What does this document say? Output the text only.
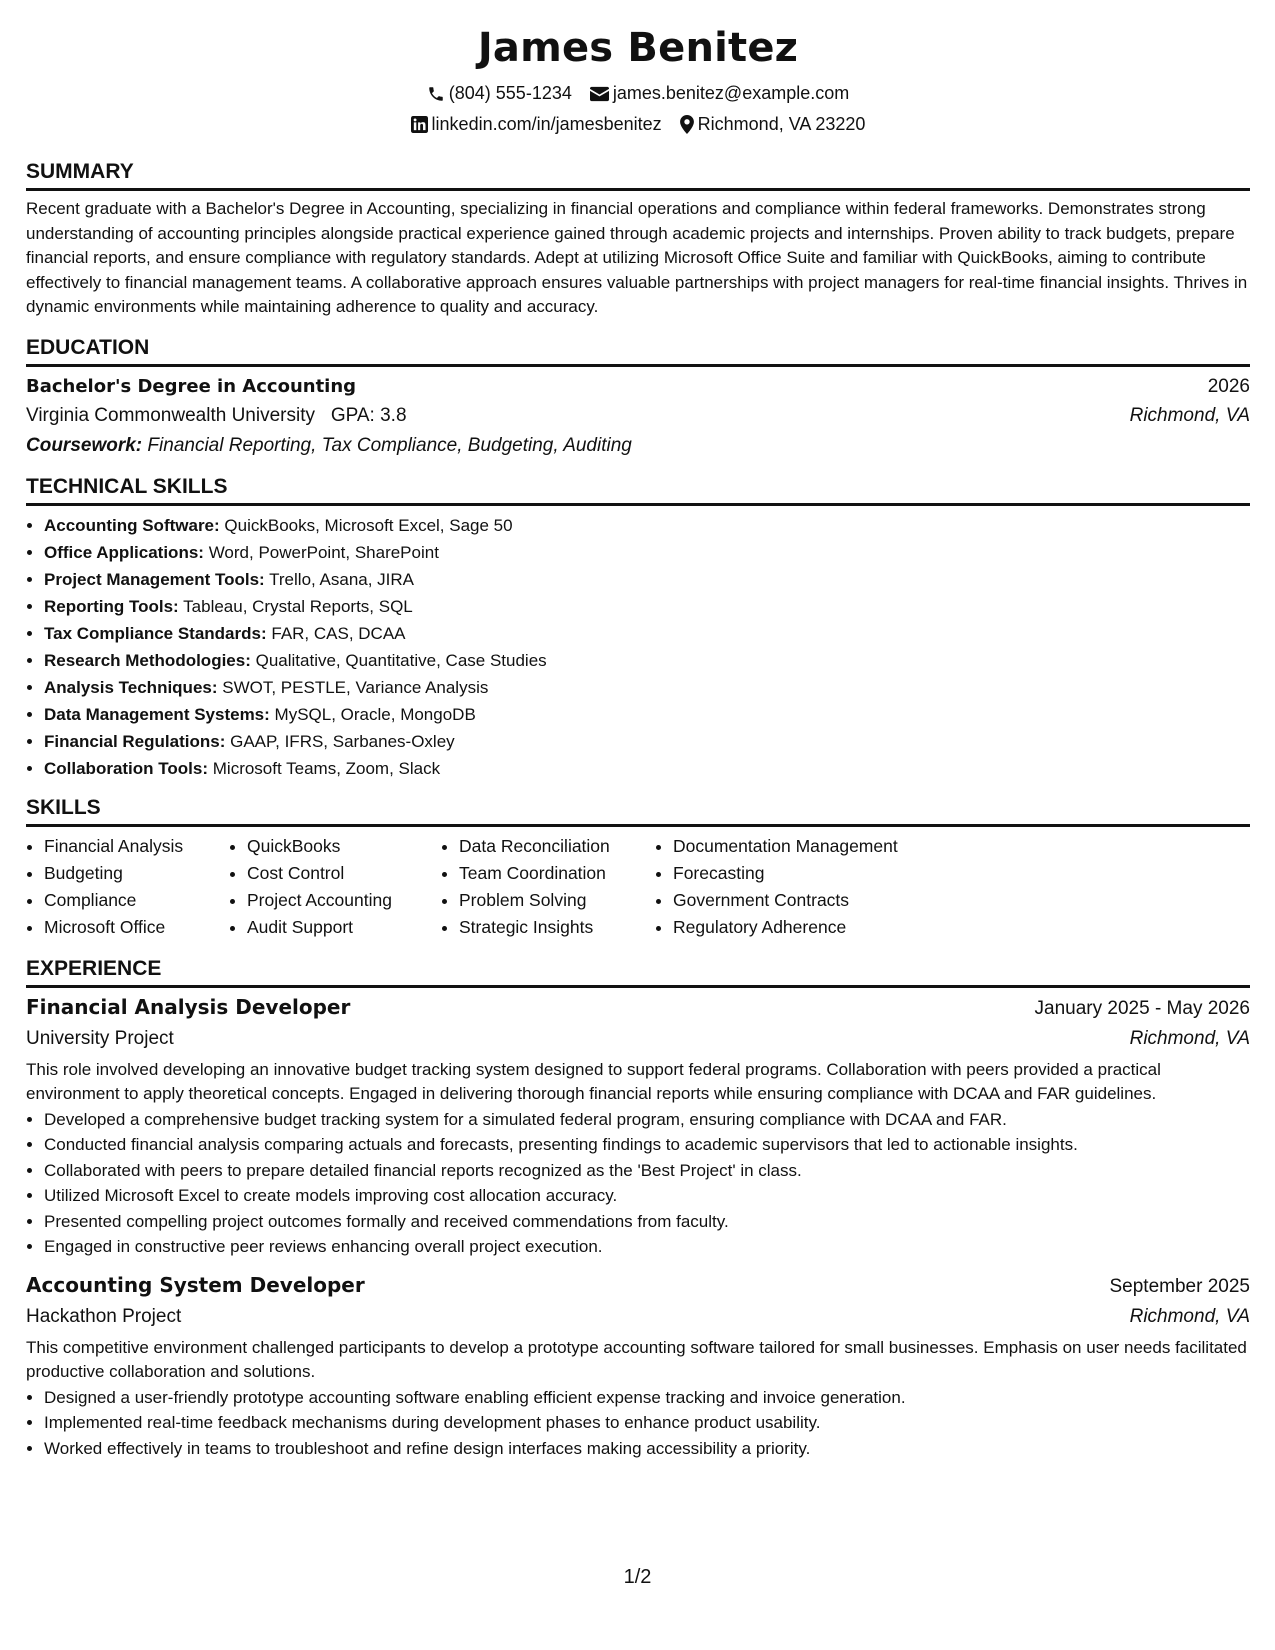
James Benitez
(804) 555-1234 james.benitez@example.com
linkedin.com/in/jamesbenitez Richmond, VA 23220
SUMMARY

Recent graduate with a Bachelor's Degree in Accounting, specializing in financial operations and compliance within federal frameworks. Demonstrates strong understanding of accounting principles alongside practical experience gained through academic projects and internships. Proven ability to track budgets, prepare financial reports, and ensure compliance with regulatory standards. Adept at utilizing Microsoft Office Suite and familiar with QuickBooks, aiming to contribute effectively to financial management teams. A collaborative approach ensures valuable partnerships with project managers for real-time financial insights. Thrives in dynamic environments while maintaining adherence to quality and accuracy.

EDUCATION
Bachelor's Degree in Accounting	2026
Virginia Commonwealth University GPA: 3.8	Richmond, VA
Coursework: Financial Reporting, Tax Compliance, Budgeting, Auditing
TECHNICAL SKILLS
• Accounting Software: QuickBooks, Microsoft Excel, Sage 50
• Office Applications: Word, PowerPoint, SharePoint
• Project Management Tools: Trello, Asana, JIRA
• Reporting Tools: Tableau, Crystal Reports, SQL
• Tax Compliance Standards: FAR, CAS, DCAA
• Research Methodologies: Qualitative, Quantitative, Case Studies
• Analysis Techniques: SWOT, PESTLE, Variance Analysis
• Data Management Systems: MySQL, Oracle, MongoDB
• Financial Regulations: GAAP, IFRS, Sarbanes-Oxley
• Collaboration Tools: Microsoft Teams, Zoom, Slack
SKILLS
• Financial Analysis
• Budgeting
• Compliance
• Microsoft Office
• QuickBooks
• Cost Control
• Project Accounting
• Audit Support
• Data Reconciliation
• Team Coordination
• Problem Solving
• Strategic Insights
• Documentation Management
• Forecasting
• Government Contracts
• Regulatory Adherence
EXPERIENCE
Financial Analysis Developer	January 2025 - May 2026
University Project	Richmond, VA

This role involved developing an innovative budget tracking system designed to support federal programs. Collaboration with peers provided a practical environment to apply theoretical concepts. Engaged in delivering thorough financial reports while ensuring compliance with DCAA and FAR guidelines.

• Developed a comprehensive budget tracking system for a simulated federal program, ensuring compliance with DCAA and FAR.
• Conducted financial analysis comparing actuals and forecasts, presenting findings to academic supervisors that led to actionable insights.
• Collaborated with peers to prepare detailed financial reports recognized as the 'Best Project' in class.
• Utilized Microsoft Excel to create models improving cost allocation accuracy.
• Presented compelling project outcomes formally and received commendations from faculty.
• Engaged in constructive peer reviews enhancing overall project execution.
Accounting System Developer	September 2025
Hackathon Project	Richmond, VA

This competitive environment challenged participants to develop a prototype accounting software tailored for small businesses. Emphasis on user needs facilitated productive collaboration and solutions.

• Designed a user-friendly prototype accounting software enabling efficient expense tracking and invoice generation.
• Implemented real-time feedback mechanisms during development phases to enhance product usability.
• Worked effectively in teams to troubleshoot and refine design interfaces making accessibility a priority.
1/2
